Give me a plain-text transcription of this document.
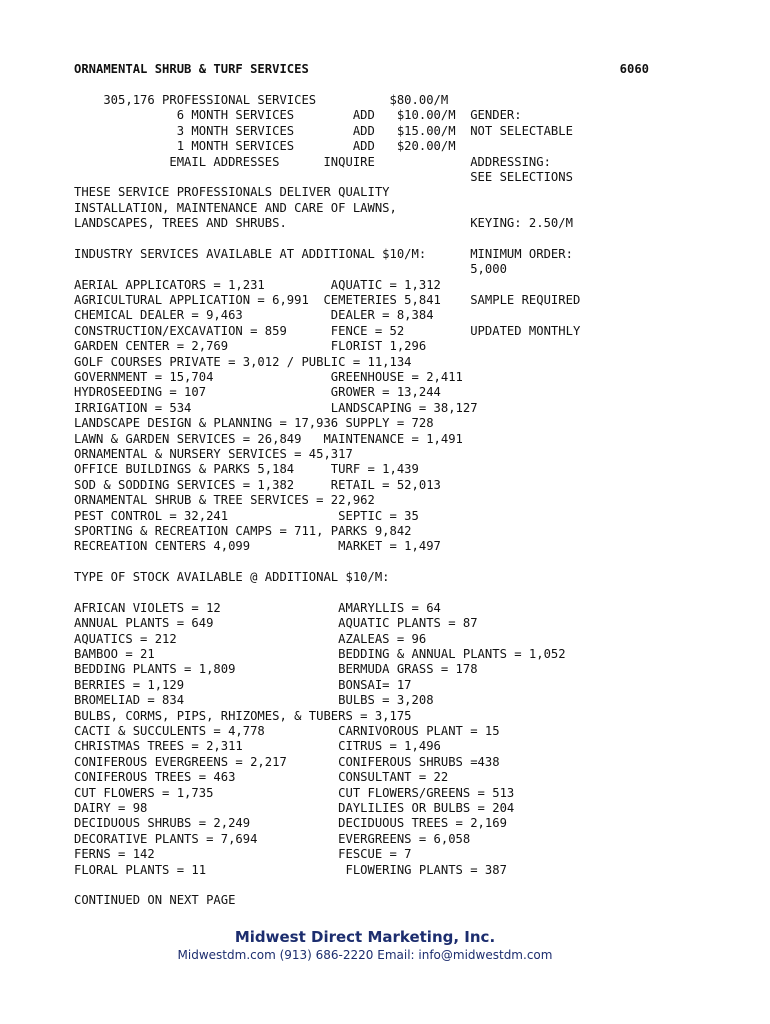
ORNAMENTAL SHRUB & TURF SERVICES	6060
305,176 PROFESSIONAL SERVICES          $80.00/M
6 MONTH SERVICES        ADD   $10.00/M  GENDER:
3 MONTH SERVICES        ADD   $15.00/M  NOT SELECTABLE
1 MONTH SERVICES        ADD   $20.00/M
EMAIL ADDRESSES      INQUIRE             ADDRESSING:
SEE SELECTIONS
THESE SERVICE PROFESSIONALS DELIVER QUALITY
INSTALLATION, MAINTENANCE AND CARE OF LAWNS,
LANDSCAPES, TREES AND SHRUBS.                         KEYING: 2.50/M

INDUSTRY SERVICES AVAILABLE AT ADDITIONAL $10/M:      MINIMUM ORDER:
5,000
AERIAL APPLICATORS = 1,231         AQUATIC = 1,312
AGRICULTURAL APPLICATION = 6,991  CEMETERIES 5,841    SAMPLE REQUIRED
CHEMICAL DEALER = 9,463            DEALER = 8,384
CONSTRUCTION/EXCAVATION = 859      FENCE = 52         UPDATED MONTHLY
GARDEN CENTER = 2,769              FLORIST 1,296
GOLF COURSES PRIVATE = 3,012 / PUBLIC = 11,134
GOVERNMENT = 15,704                GREENHOUSE = 2,411
HYDROSEEDING = 107                 GROWER = 13,244
IRRIGATION = 534                   LANDSCAPING = 38,127
LANDSCAPE DESIGN & PLANNING = 17,936 SUPPLY = 728
LAWN & GARDEN SERVICES = 26,849   MAINTENANCE = 1,491
ORNAMENTAL & NURSERY SERVICES = 45,317
OFFICE BUILDINGS & PARKS 5,184     TURF = 1,439
SOD & SODDING SERVICES = 1,382     RETAIL = 52,013
ORNAMENTAL SHRUB & TREE SERVICES = 22,962
PEST CONTROL = 32,241               SEPTIC = 35
SPORTING & RECREATION CAMPS = 711, PARKS 9,842
RECREATION CENTERS 4,099            MARKET = 1,497

TYPE OF STOCK AVAILABLE @ ADDITIONAL $10/M:

AFRICAN VIOLETS = 12                AMARYLLIS = 64
ANNUAL PLANTS = 649                 AQUATIC PLANTS = 87
AQUATICS = 212                      AZALEAS = 96
BAMBOO = 21                         BEDDING & ANNUAL PLANTS = 1,052
BEDDING PLANTS = 1,809              BERMUDA GRASS = 178
BERRIES = 1,129                     BONSAI= 17
BROMELIAD = 834                     BULBS = 3,208
BULBS, CORMS, PIPS, RHIZOMES, & TUBERS = 3,175
CACTI & SUCCULENTS = 4,778          CARNIVOROUS PLANT = 15
CHRISTMAS TREES = 2,311             CITRUS = 1,496
CONIFEROUS EVERGREENS = 2,217       CONIFEROUS SHRUBS =438
CONIFEROUS TREES = 463              CONSULTANT = 22
CUT FLOWERS = 1,735                 CUT FLOWERS/GREENS = 513
DAIRY = 98                          DAYLILIES OR BULBS = 204
DECIDUOUS SHRUBS = 2,249            DECIDUOUS TREES = 2,169
DECORATIVE PLANTS = 7,694           EVERGREENS = 6,058
FERNS = 142                         FESCUE = 7
FLORAL PLANTS = 11                   FLOWERING PLANTS = 387

CONTINUED ON NEXT PAGE
Midwest Direct Marketing, Inc.
Midwestdm.com (913) 686-2220 Email: info@midwestdm.com
